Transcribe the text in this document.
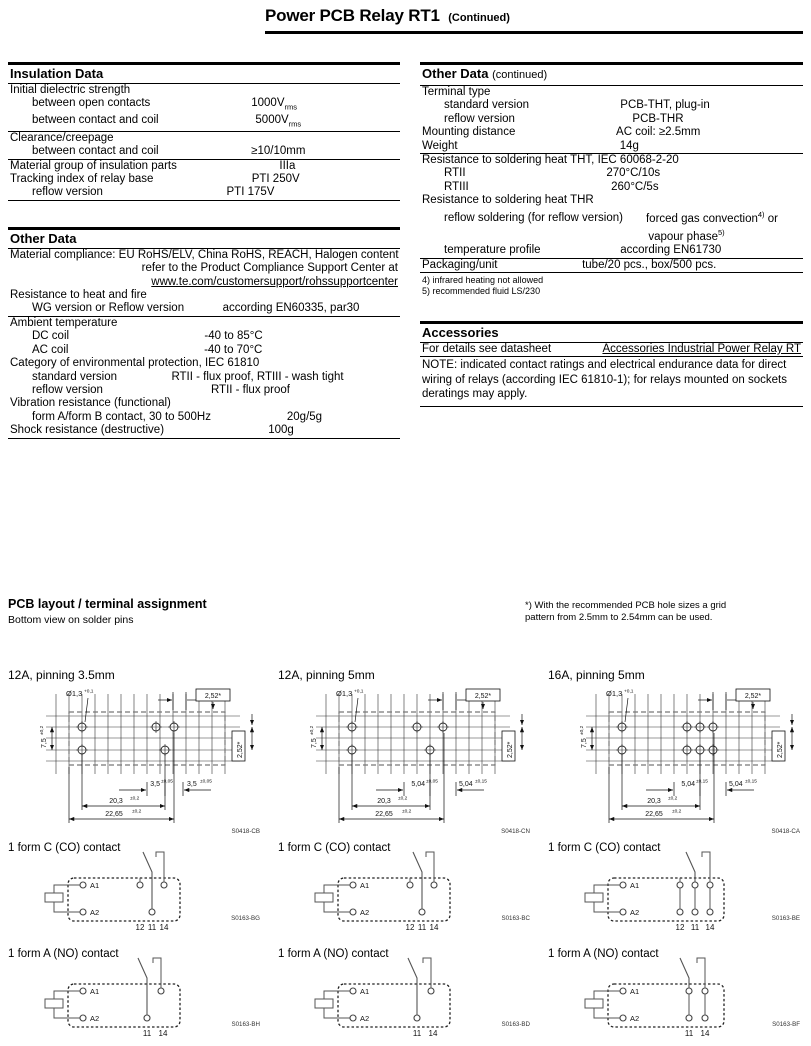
Power PCB Relay RT1 (Continued)
Insulation Data
Initial dielectric strength
between open contacts	$1000V_{rms}$
between contact and coil	$5000V_{rms}$
Clearance/creepage
between contact and coil	≥10/10mm
Material group of insulation parts	IIIa
Tracking index of relay base	PTI 250V
reflow version	PTI 175V
Other Data
Material compliance: EU RoHS/ELV, China RoHS, REACH, Halogen content
refer to the Product Compliance Support Center at
www.te.com/customersupport/rohssupportcenter
Resistance to heat and fire
WG version or Reflow version	according EN60335, par30
Ambient temperature
DC coil	-40 to 85°C
AC coil	-40 to 70°C
Category of environmental protection, IEC 61810
standard version	RTII - flux proof, RTIII - wash tight
reflow version	RTII - flux proof
Vibration resistance (functional)
form A/form B contact, 30 to 500Hz	20g/5g
Shock resistance (destructive)	100g
Other Data (continued)
Terminal type
standard version	PCB-THT, plug-in
reflow version	PCB-THR
Mounting distance	AC coil: ≥2.5mm
Weight	14g
Resistance to soldering heat THT, IEC 60068-2-20
RTII	270°C/10s
RTIII	260°C/5s
Resistance to soldering heat THR
reflow soldering (for reflow version)	forced gas convection$^{4)}$ or
vapour phase$^{5)}$
temperature profile	according EN61730
Packaging/unit	tube/20 pcs., box/500 pcs.
4) infrared heating not allowed
5) recommended fluid LS/230
Accessories
For details see datasheet	Accessories Industrial Power Relay RT
NOTE: indicated contact ratings and electrical endurance data for direct wiring of relays (according IEC 61810-1); for relays mounted on sockets deratings may apply.
PCB layout / terminal assignment
Bottom view on solder pins
*) With the recommended PCB hole sizes a grid
pattern from 2.5mm to 2.54mm can be used.
12A, pinning 3.5mm
Ø1,3 +0,1
2,52*
7,5
±0,2
2,52*
3,5 ±0,05 3,5 ±0,05
20,3 ±0,2
22,65 ±0,2
S0418-CB
1 form C (CO) contact
A1
A2
12 11 14
S0163-BG
1 form A (NO) contact
A1
A2
11 14
S0163-BH
12A, pinning 5mm
Ø1,3 +0,1
2,52*
7,5
±0,2
2,52*
5,04 ±0,05	5,04 ±0,15
20,3 ±0,2
22,65 ±0,2
S0418-CN
1 form C (CO) contact
A1
A2
12 11 14
S0163-BC
1 form A (NO) contact
A1
A2
11 14
S0163-BD
16A, pinning 5mm
Ø1,3 +0,1
2,52*
7,5
±0,2
2,52*
5,04 ±0,15	5,04 ±0,15
20,3 ±0,2
22,65 ±0,2
S0418-CA
1 form C (CO) contact
A1
A2
12 11 14
S0163-BE
1 form A (NO) contact
A1
A2
11 14
S0163-BF
